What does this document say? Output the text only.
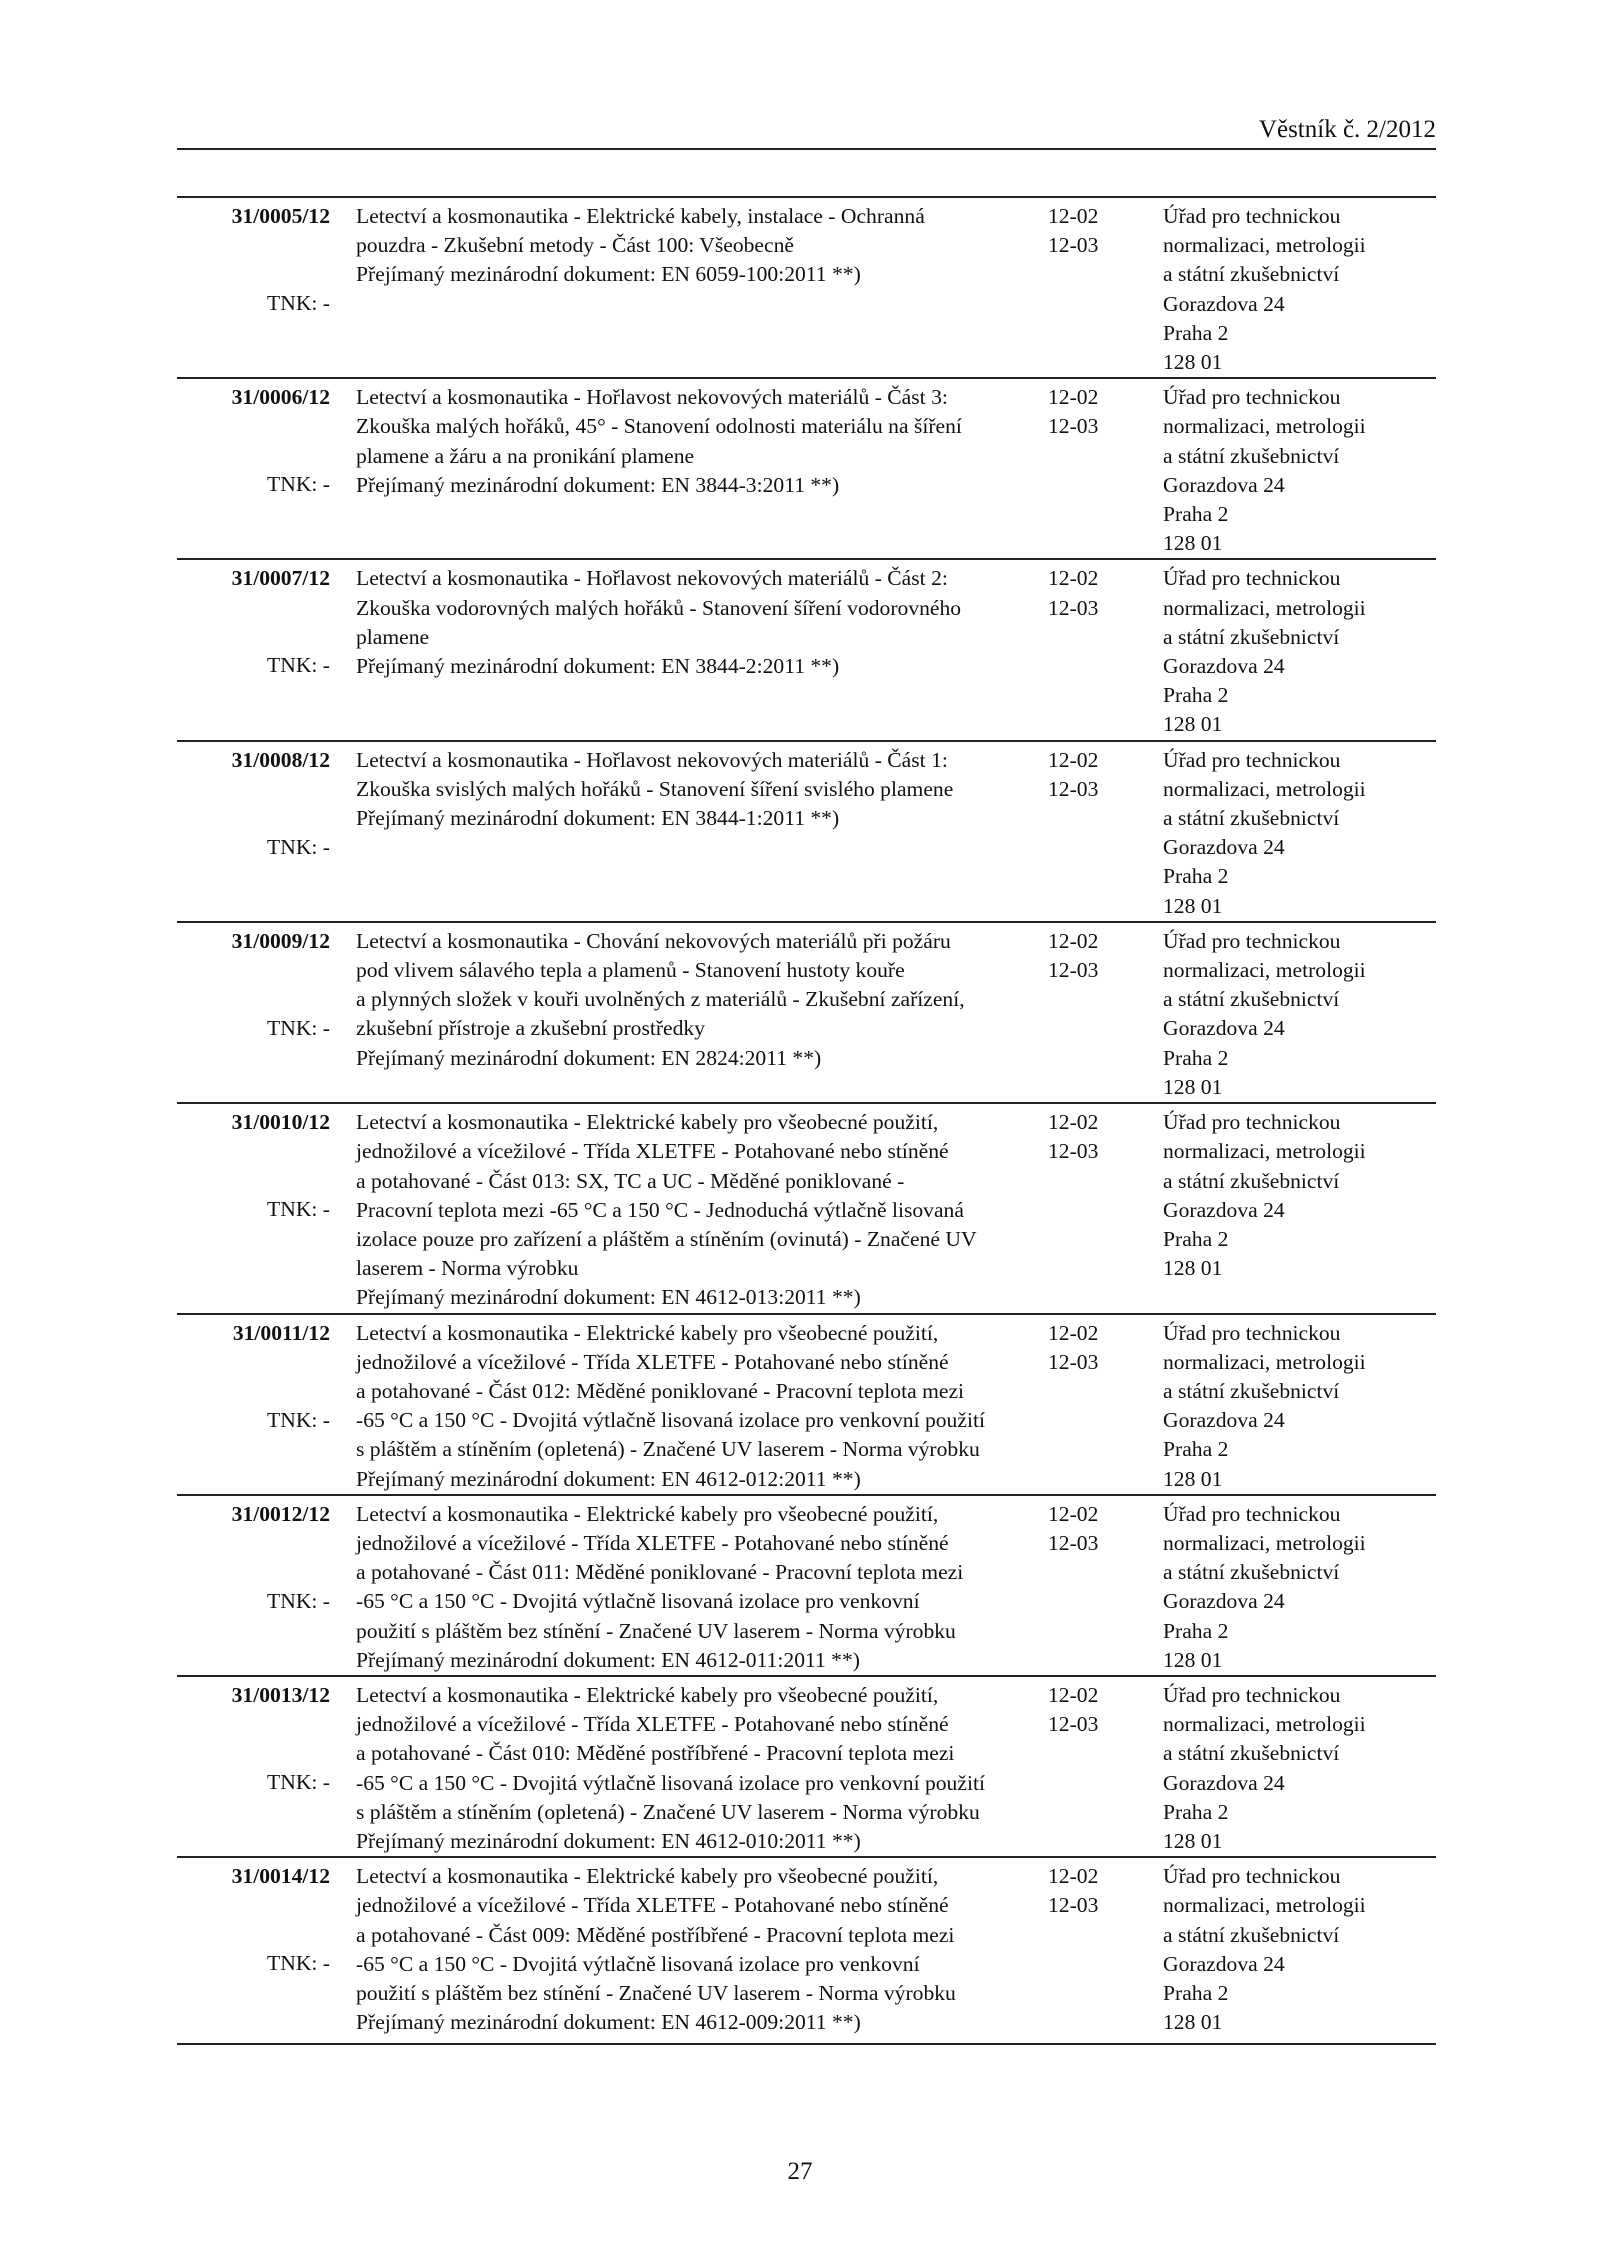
Věstník č. 2/2012
31/0005/12
TNK: -
Letectví a kosmonautika - Elektrické kabely, instalace - Ochranná
pouzdra - Zkušební metody - Část 100: Všeobecně
Přejímaný mezinárodní dokument: EN 6059-100:2011 **)
12-02
12-03
Úřad pro technickou
normalizaci, metrologii
a státní zkušebnictví
Gorazdova 24
Praha 2
128 01
31/0006/12
TNK: -
Letectví a kosmonautika - Hořlavost nekovových materiálů - Část 3:
Zkouška malých hořáků, 45° - Stanovení odolnosti materiálu na šíření
plamene a žáru a na pronikání plamene
Přejímaný mezinárodní dokument: EN 3844-3:2011 **)
12-02
12-03
Úřad pro technickou
normalizaci, metrologii
a státní zkušebnictví
Gorazdova 24
Praha 2
128 01
31/0007/12
TNK: -
Letectví a kosmonautika - Hořlavost nekovových materiálů - Část 2:
Zkouška vodorovných malých hořáků - Stanovení šíření vodorovného
plamene
Přejímaný mezinárodní dokument: EN 3844-2:2011 **)
12-02
12-03
Úřad pro technickou
normalizaci, metrologii
a státní zkušebnictví
Gorazdova 24
Praha 2
128 01
31/0008/12
TNK: -
Letectví a kosmonautika - Hořlavost nekovových materiálů - Část 1:
Zkouška svislých malých hořáků - Stanovení šíření svislého plamene
Přejímaný mezinárodní dokument: EN 3844-1:2011 **)
12-02
12-03
Úřad pro technickou
normalizaci, metrologii
a státní zkušebnictví
Gorazdova 24
Praha 2
128 01
31/0009/12
TNK: -
Letectví a kosmonautika - Chování nekovových materiálů při požáru
pod vlivem sálavého tepla a plamenů - Stanovení hustoty kouře
a plynných složek v kouři uvolněných z materiálů - Zkušební zařízení,
zkušební přístroje a zkušební prostředky
Přejímaný mezinárodní dokument: EN 2824:2011 **)
12-02
12-03
Úřad pro technickou
normalizaci, metrologii
a státní zkušebnictví
Gorazdova 24
Praha 2
128 01
31/0010/12
TNK: -
Letectví a kosmonautika - Elektrické kabely pro všeobecné použití,
jednožilové a vícežilové - Třída XLETFE - Potahované nebo stíněné
a potahované - Část 013: SX, TC a UC - Měděné poniklované -
Pracovní teplota mezi -65 °C a 150 °C - Jednoduchá výtlačně lisovaná
izolace pouze pro zařízení a pláštěm a stíněním (ovinutá) - Značené UV
laserem - Norma výrobku
Přejímaný mezinárodní dokument: EN 4612-013:2011 **)
12-02
12-03
Úřad pro technickou
normalizaci, metrologii
a státní zkušebnictví
Gorazdova 24
Praha 2
128 01
31/0011/12
TNK: -
Letectví a kosmonautika - Elektrické kabely pro všeobecné použití,
jednožilové a vícežilové - Třída XLETFE - Potahované nebo stíněné
a potahované - Část 012: Měděné poniklované - Pracovní teplota mezi
-65 °C a 150 °C - Dvojitá výtlačně lisovaná izolace pro venkovní použití
s pláštěm a stíněním (opletená) - Značené UV laserem - Norma výrobku
Přejímaný mezinárodní dokument: EN 4612-012:2011 **)
12-02
12-03
Úřad pro technickou
normalizaci, metrologii
a státní zkušebnictví
Gorazdova 24
Praha 2
128 01
31/0012/12
TNK: -
Letectví a kosmonautika - Elektrické kabely pro všeobecné použití,
jednožilové a vícežilové - Třída XLETFE - Potahované nebo stíněné
a potahované - Část 011: Měděné poniklované - Pracovní teplota mezi
-65 °C a 150 °C - Dvojitá výtlačně lisovaná izolace pro venkovní
použití s pláštěm bez stínění - Značené UV laserem - Norma výrobku
Přejímaný mezinárodní dokument: EN 4612-011:2011 **)
12-02
12-03
Úřad pro technickou
normalizaci, metrologii
a státní zkušebnictví
Gorazdova 24
Praha 2
128 01
31/0013/12
TNK: -
Letectví a kosmonautika - Elektrické kabely pro všeobecné použití,
jednožilové a vícežilové - Třída XLETFE - Potahované nebo stíněné
a potahované - Část 010: Měděné postříbřené - Pracovní teplota mezi
-65 °C a 150 °C - Dvojitá výtlačně lisovaná izolace pro venkovní použití
s pláštěm a stíněním (opletená) - Značené UV laserem - Norma výrobku
Přejímaný mezinárodní dokument: EN 4612-010:2011 **)
12-02
12-03
Úřad pro technickou
normalizaci, metrologii
a státní zkušebnictví
Gorazdova 24
Praha 2
128 01
31/0014/12
TNK: -
Letectví a kosmonautika - Elektrické kabely pro všeobecné použití,
jednožilové a vícežilové - Třída XLETFE - Potahované nebo stíněné
a potahované - Část 009: Měděné postříbřené - Pracovní teplota mezi
-65 °C a 150 °C - Dvojitá výtlačně lisovaná izolace pro venkovní
použití s pláštěm bez stínění - Značené UV laserem - Norma výrobku
Přejímaný mezinárodní dokument: EN 4612-009:2011 **)
12-02
12-03
Úřad pro technickou
normalizaci, metrologii
a státní zkušebnictví
Gorazdova 24
Praha 2
128 01
27
